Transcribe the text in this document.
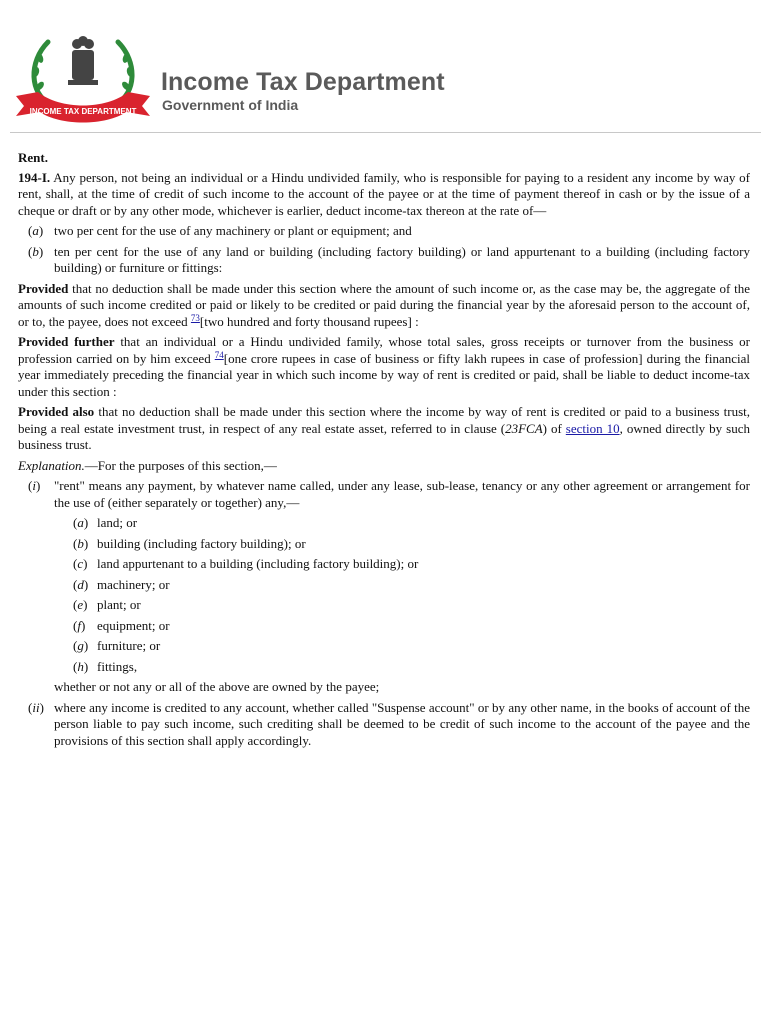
INCOME TAX DEPARTMENT
Income Tax Department
Government of India

Rent.

194-I. Any person, not being an individual or a Hindu undivided family, who is responsible for paying to a resident any income by way of rent, shall, at the time of credit of such income to the account of the payee or at the time of payment thereof in cash or by the issue of a cheque or draft or by any other mode, whichever is earlier, deduct income-tax thereon at the rate of—

(a) two per cent for the use of any machinery or plant or equipment; and
(b) ten per cent for the use of any land or building (including factory building) or land appurtenant to a building (including factory building) or furniture or fittings:

Provided that no deduction shall be made under this section where the amount of such income or, as the case may be, the aggregate of the amounts of such income credited or paid or likely to be credited or paid during the financial year by the aforesaid person to the account of, or to, the payee, does not exceed $^{73}$[two hundred and forty thousand rupees] :

Provided further that an individual or a Hindu undivided family, whose total sales, gross receipts or turnover from the business or profession carried on by him exceed $^{74}$[one crore rupees in case of business or fifty lakh rupees in case of profession] during the financial year immediately preceding the financial year in which such income by way of rent is credited or paid, shall be liable to deduct income-tax under this section :

Provided also that no deduction shall be made under this section where the income by way of rent is credited or paid to a business trust, being a real estate investment trust, in respect of any real estate asset, referred to in clause (23FCA) of section 10, owned directly by such business trust.

Explanation.—For the purposes of this section,—

(i)	"rent" means any payment, by whatever name called, under any lease, sub-lease, tenancy or any other agreement or arrangement for the use of (either separately or together) any,—
(a) land; or
(b) building (including factory building); or
(c) land appurtenant to a building (including factory building); or
(d) machinery; or
(e) plant; or
(f) equipment; or
(g) furniture; or
(h) fittings,

whether or not any or all of the above are owned by the payee;

(ii) where any income is credited to any account, whether called "Suspense account" or by any other name, in the books of account of the person liable to pay such income, such crediting shall be deemed to be credit of such income to the account of the payee and the provisions of this section shall apply accordingly.
